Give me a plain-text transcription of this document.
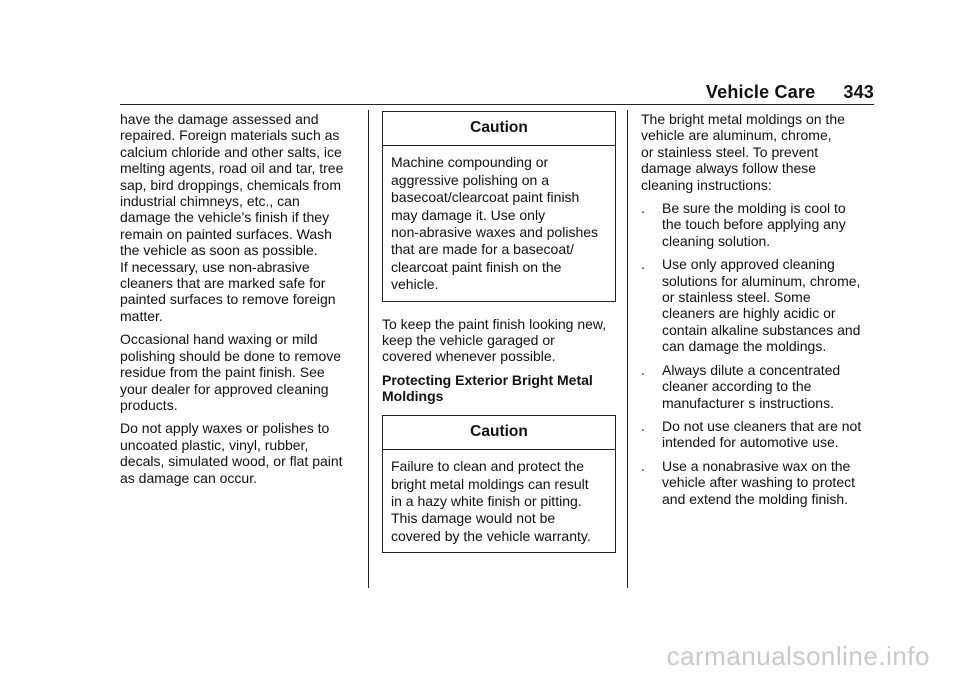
Vehicle Care 343

have the damage assessed and
repaired. Foreign materials such as
calcium chloride and other salts, ice
melting agents, road oil and tar, tree
sap, bird droppings, chemicals from
industrial chimneys, etc., can
damage the vehicle’s finish if they
remain on painted surfaces. Wash
the vehicle as soon as possible.
If necessary, use non-abrasive
cleaners that are marked safe for
painted surfaces to remove foreign
matter.

Occasional hand waxing or mild
polishing should be done to remove
residue from the paint finish. See
your dealer for approved cleaning
products.

Do not apply waxes or polishes to
uncoated plastic, vinyl, rubber,
decals, simulated wood, or flat paint
as damage can occur.

Caution
Machine compounding or
aggressive polishing on a
basecoat/clearcoat paint finish
may damage it. Use only
non-abrasive waxes and polishes
that are made for a basecoat/
clearcoat paint finish on the
vehicle.

To keep the paint finish looking new,
keep the vehicle garaged or
covered whenever possible.

Protecting Exterior Bright Metal
Moldings
Caution
Failure to clean and protect the
bright metal moldings can result
in a hazy white finish or pitting.
This damage would not be
covered by the vehicle warranty.

The bright metal moldings on the
vehicle are aluminum, chrome,
or stainless steel. To prevent
damage always follow these
cleaning instructions:

. Be sure the molding is cool to
the touch before applying any
cleaning solution.
. Use only approved cleaning
solutions for aluminum, chrome,
or stainless steel. Some
cleaners are highly acidic or
contain alkaline substances and
can damage the moldings.
. Always dilute a concentrated
cleaner according to the
manufacturer s instructions.
. Do not use cleaners that are not
intended for automotive use.
. Use a nonabrasive wax on the
vehicle after washing to protect
and extend the molding finish.
carmanualsonline.info
